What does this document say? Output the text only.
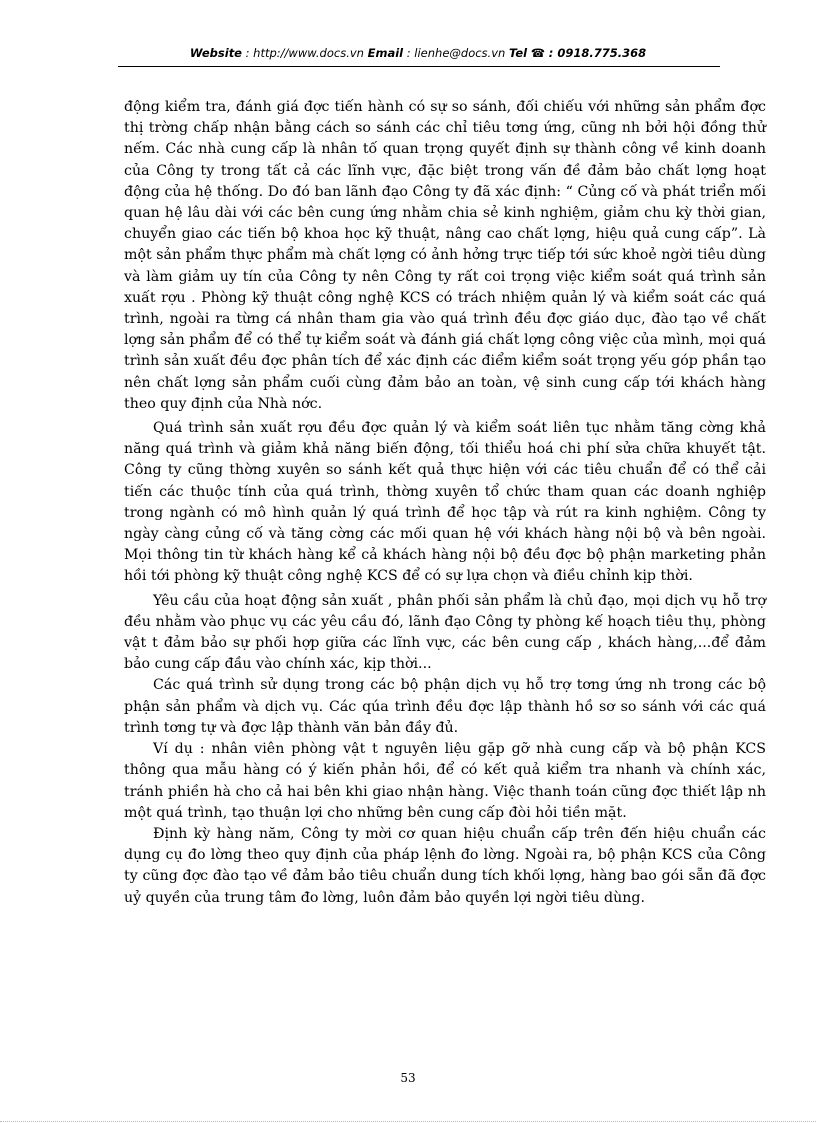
Website : http://www.docs.vn Email : lienhe@docs.vn Tel ☎ : 0918.775.368

động kiểm tra, đánh giá đợc tiến hành có sự so sánh, đối chiếu với những sản phẩm đợc thị trờng chấp nhận bằng cách so sánh các chỉ tiêu tơng ứng, cũng nh bởi hội đồng thử nếm. Các nhà cung cấp là nhân tố quan trọng quyết định sự thành công về kinh doanh của Công ty trong tất cả các lĩnh vực, đặc biệt trong vấn đề đảm bảo chất lợng hoạt động của hệ thống. Do đó ban lãnh đạo Công ty đã xác định: “ Củng cố và phát triển mối quan hệ lâu dài với các bên cung ứng nhằm chia sẻ kinh nghiệm, giảm chu kỳ thời gian, chuyển giao các tiến bộ khoa học kỹ thuật, nâng cao chất lợng, hiệu quả cung cấp”. Là một sản phẩm thực phẩm mà chất lợng có ảnh hởng trực tiếp tới sức khoẻ ngời tiêu dùng và làm giảm uy tín của Công ty nên Công ty rất coi trọng việc kiểm soát quá trình sản xuất rợu . Phòng kỹ thuật công nghệ KCS có trách nhiệm quản lý và kiểm soát các quá trình, ngoài ra từng cá nhân tham gia vào quá trình đều đợc giáo dục, đào tạo về chất lợng sản phẩm để có thể tự kiểm soát và đánh giá chất lợng công việc của mình, mọi quá trình sản xuất đều đợc phân tích để xác định các điểm kiểm soát trọng yếu góp phần tạo nên chất lợng sản phẩm cuối cùng đảm bảo an toàn, vệ sinh cung cấp tới khách hàng theo quy định của Nhà nớc.

Quá trình sản xuất rợu đều đợc quản lý và kiểm soát liên tục nhằm tăng cờng khả năng quá trình và giảm khả năng biến động, tối thiểu hoá chi phí sửa chữa khuyết tật. Công ty cũng thờng xuyên so sánh kết quả thực hiện với các tiêu chuẩn để có thể cải tiến các thuộc tính của quá trình, thờng xuyên tổ chức tham quan các doanh nghiệp trong ngành có mô hình quản lý quá trình để học tập và rút ra kinh nghiệm. Công ty ngày càng củng cố và tăng cờng các mối quan hệ với khách hàng nội bộ và bên ngoài. Mọi thông tin từ khách hàng kể cả khách hàng nội bộ đều đợc bộ phận marketing phản hồi tới phòng kỹ thuật công nghệ KCS để có sự lựa chọn và điều chỉnh kịp thời.

Yêu cầu của hoạt động sản xuất , phân phối sản phẩm là chủ đạo, mọi dịch vụ hỗ trợ đều nhằm vào phục vụ các yêu cầu đó, lãnh đạo Công ty phòng kế hoạch tiêu thụ, phòng vật t đảm bảo sự phối hợp giữa các lĩnh vực, các bên cung cấp , khách hàng,...để đảm bảo cung cấp đầu vào chính xác, kịp thời...

Các quá trình sử dụng trong các bộ phận dịch vụ hỗ trợ tơng ứng nh trong các bộ phận sản phẩm và dịch vụ. Các qúa trình đều đợc lập thành hồ sơ so sánh với các quá trình tơng tự và đợc lập thành văn bản đầy đủ.

Ví dụ : nhân viên phòng vật t nguyên liệu gặp gỡ nhà cung cấp và bộ phận KCS thông qua mẫu hàng có ý kiến phản hồi, để có kết quả kiểm tra nhanh và chính xác, tránh phiền hà cho cả hai bên khi giao nhận hàng. Việc thanh toán cũng đợc thiết lập nh một quá trình, tạo thuận lợi cho những bên cung cấp đòi hỏi tiền mặt.

Định kỳ hàng năm, Công ty mời cơ quan hiệu chuẩn cấp trên đến hiệu chuẩn các dụng cụ đo lờng theo quy định của pháp lệnh đo lờng. Ngoài ra, bộ phận KCS của Công ty cũng đợc đào tạo về đảm bảo tiêu chuẩn dung tích khối lợng, hàng bao gói sẵn đã đợc uỷ quyền của trung tâm đo lờng, luôn đảm bảo quyền lợi ngời tiêu dùng.

53
